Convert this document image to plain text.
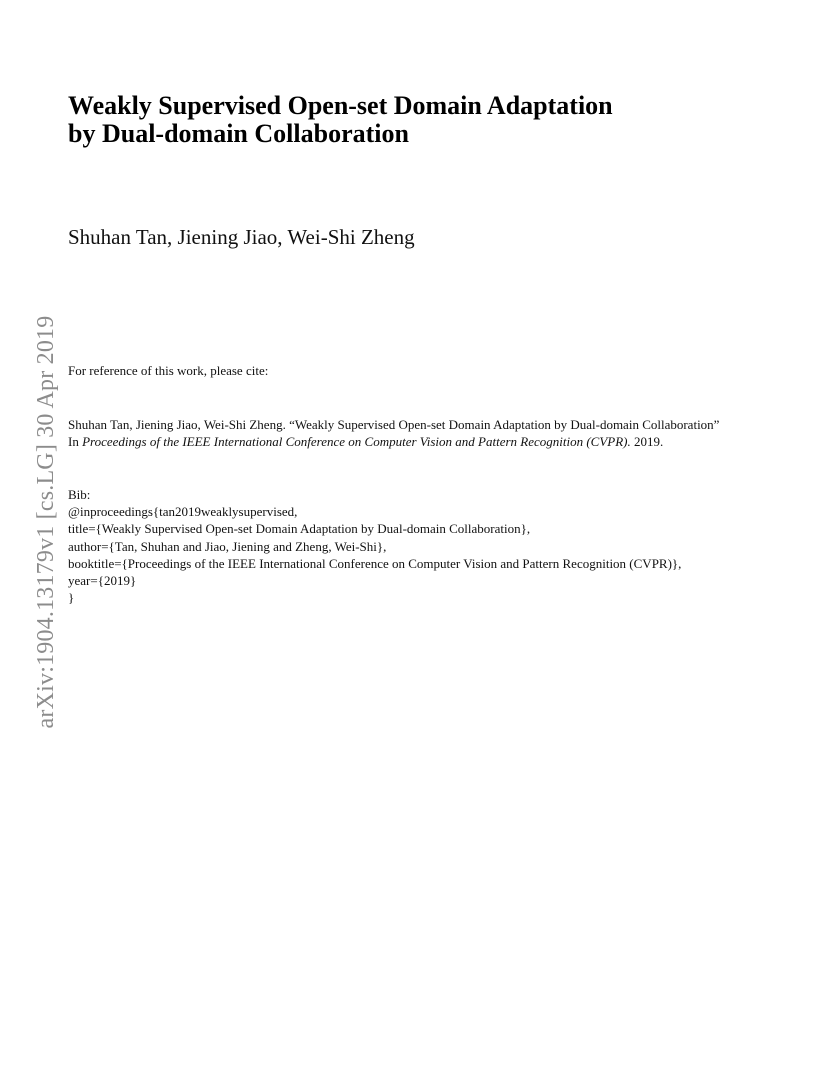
arXiv:1904.13179v1 [cs.LG] 30 Apr 2019
Weakly Supervised Open-set Domain Adaptation
by Dual-domain Collaboration
Shuhan Tan, Jiening Jiao, Wei-Shi Zheng
For reference of this work, please cite:
Shuhan Tan, Jiening Jiao, Wei-Shi Zheng. “Weakly Supervised Open-set Domain Adaptation by Dual-domain Collaboration”
In Proceedings of the IEEE International Conference on Computer Vision and Pattern Recognition (CVPR). 2019.
Bib:
@inproceedings{tan2019weaklysupervised,
title={Weakly Supervised Open-set Domain Adaptation by Dual-domain Collaboration},
author={Tan, Shuhan and Jiao, Jiening and Zheng, Wei-Shi},
booktitle={Proceedings of the IEEE International Conference on Computer Vision and Pattern Recognition (CVPR)},
year={2019}
}
